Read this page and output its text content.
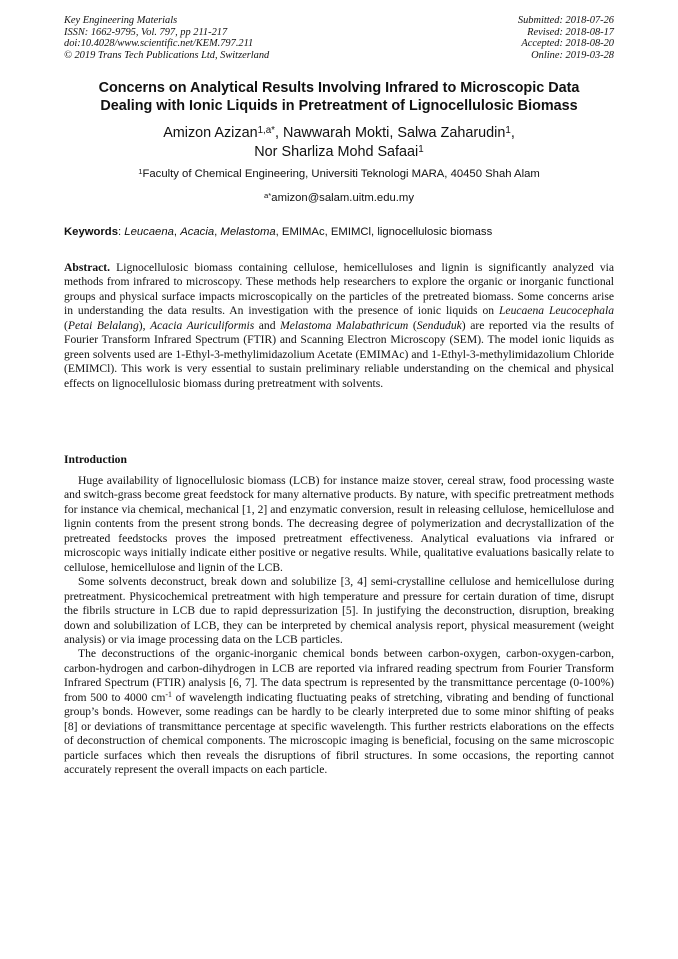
Key Engineering Materials
ISSN: 1662-9795, Vol. 797, pp 211-217
doi:10.4028/www.scientific.net/KEM.797.211
© 2019 Trans Tech Publications Ltd, Switzerland
Submitted: 2018-07-26
Revised: 2018-08-17
Accepted: 2018-08-20
Online: 2019-03-28
Concerns on Analytical Results Involving Infrared to Microscopic Data
Dealing with Ionic Liquids in Pretreatment of Lignocellulosic Biomass
Amizon Azizan$^{1,a*}$, Nawwarah Mokti, Salwa Zaharudin$^1$,
Nor Sharliza Mohd Safaai$^1$
$^1$Faculty of Chemical Engineering, Universiti Teknologi MARA, 40450 Shah Alam
$^{a*}$amizon@salam.uitm.edu.my
Keywords: Leucaena, Acacia, Melastoma, EMIMAc, EMIMCl, lignocellulosic biomass

Abstract. Lignocellulosic biomass containing cellulose, hemicelluloses and lignin is significantly analyzed via methods from infrared to microscopy. These methods help researchers to explore the organic or inorganic functional groups and physical surface impacts microscopically on the particles of the pretreated biomass. Some concerns arise in understanding the data results. An investigation with the presence of ionic liquids on Leucaena Leucocephala (Petai Belalang), Acacia Auriculiformis and Melastoma Malabathricum (Senduduk) are reported via the results of Fourier Transform Infrared Spectrum (FTIR) and Scanning Electron Microscopy (SEM). The model ionic liquids as green solvents used are 1-Ethyl-3-methylimidazolium Acetate (EMIMAc) and 1-Ethyl-3-methylimidazolium Chloride (EMIMCl). This work is very essential to sustain preliminary reliable understanding on the chemical and physical effects on lignocellulosic biomass during pretreatment with solvents.

Introduction

Huge availability of lignocellulosic biomass (LCB) for instance maize stover, cereal straw, food processing waste and switch-grass become great feedstock for many alternative products. By nature, with specific pretreatment methods for instance via chemical, mechanical [1, 2] and enzymatic conversion, result in releasing cellulose, hemicellulose and lignin contents from the present strong bonds. The decreasing degree of polymerization and decrystallization of the pretreated feedstocks proves the imposed pretreatment effectiveness. Analytical evaluations via infrared or microscopic ways initially indicate either positive or negative results. While, qualitative evaluations basically relate to cellulose, hemicellulose and lignin of the LCB.

Some solvents deconstruct, break down and solubilize [3, 4] semi-crystalline cellulose and hemicellulose during pretreatment. Physicochemical pretreatment with high temperature and pressure for certain duration of time, disrupt the fibrils structure in LCB due to rapid depressurization [5]. In justifying the deconstruction, disruption, breaking down and solubilization of LCB, they can be interpreted by chemical analysis report, physical measurement (weight analysis) or via image processing data on the LCB particles.

The deconstructions of the organic-inorganic chemical bonds between carbon-oxygen, carbon-oxygen-carbon, carbon-hydrogen and carbon-dihydrogen in LCB are reported via infrared reading spectrum from Fourier Transform Infrared Spectrum (FTIR) analysis [6, 7]. The data spectrum is represented by the transmittance percentage (0-100%) from 500 to 4000 $cm^{-1}$ of wavelength indicating fluctuating peaks of stretching, vibrating and bending of functional group’s bonds. However, some readings can be hardly to be clearly interpreted due to some minor shifting of peaks [8] or deviations of transmittance percentage at specific wavelength. This further restricts elaborations on the effects of deconstruction of chemical components. The microscopic imaging is beneficial, focusing on the same microscopic particle surfaces which then reveals the disruptions of fibril structures. In some occasions, the reporting cannot accurately represent the overall impacts on each particle.
